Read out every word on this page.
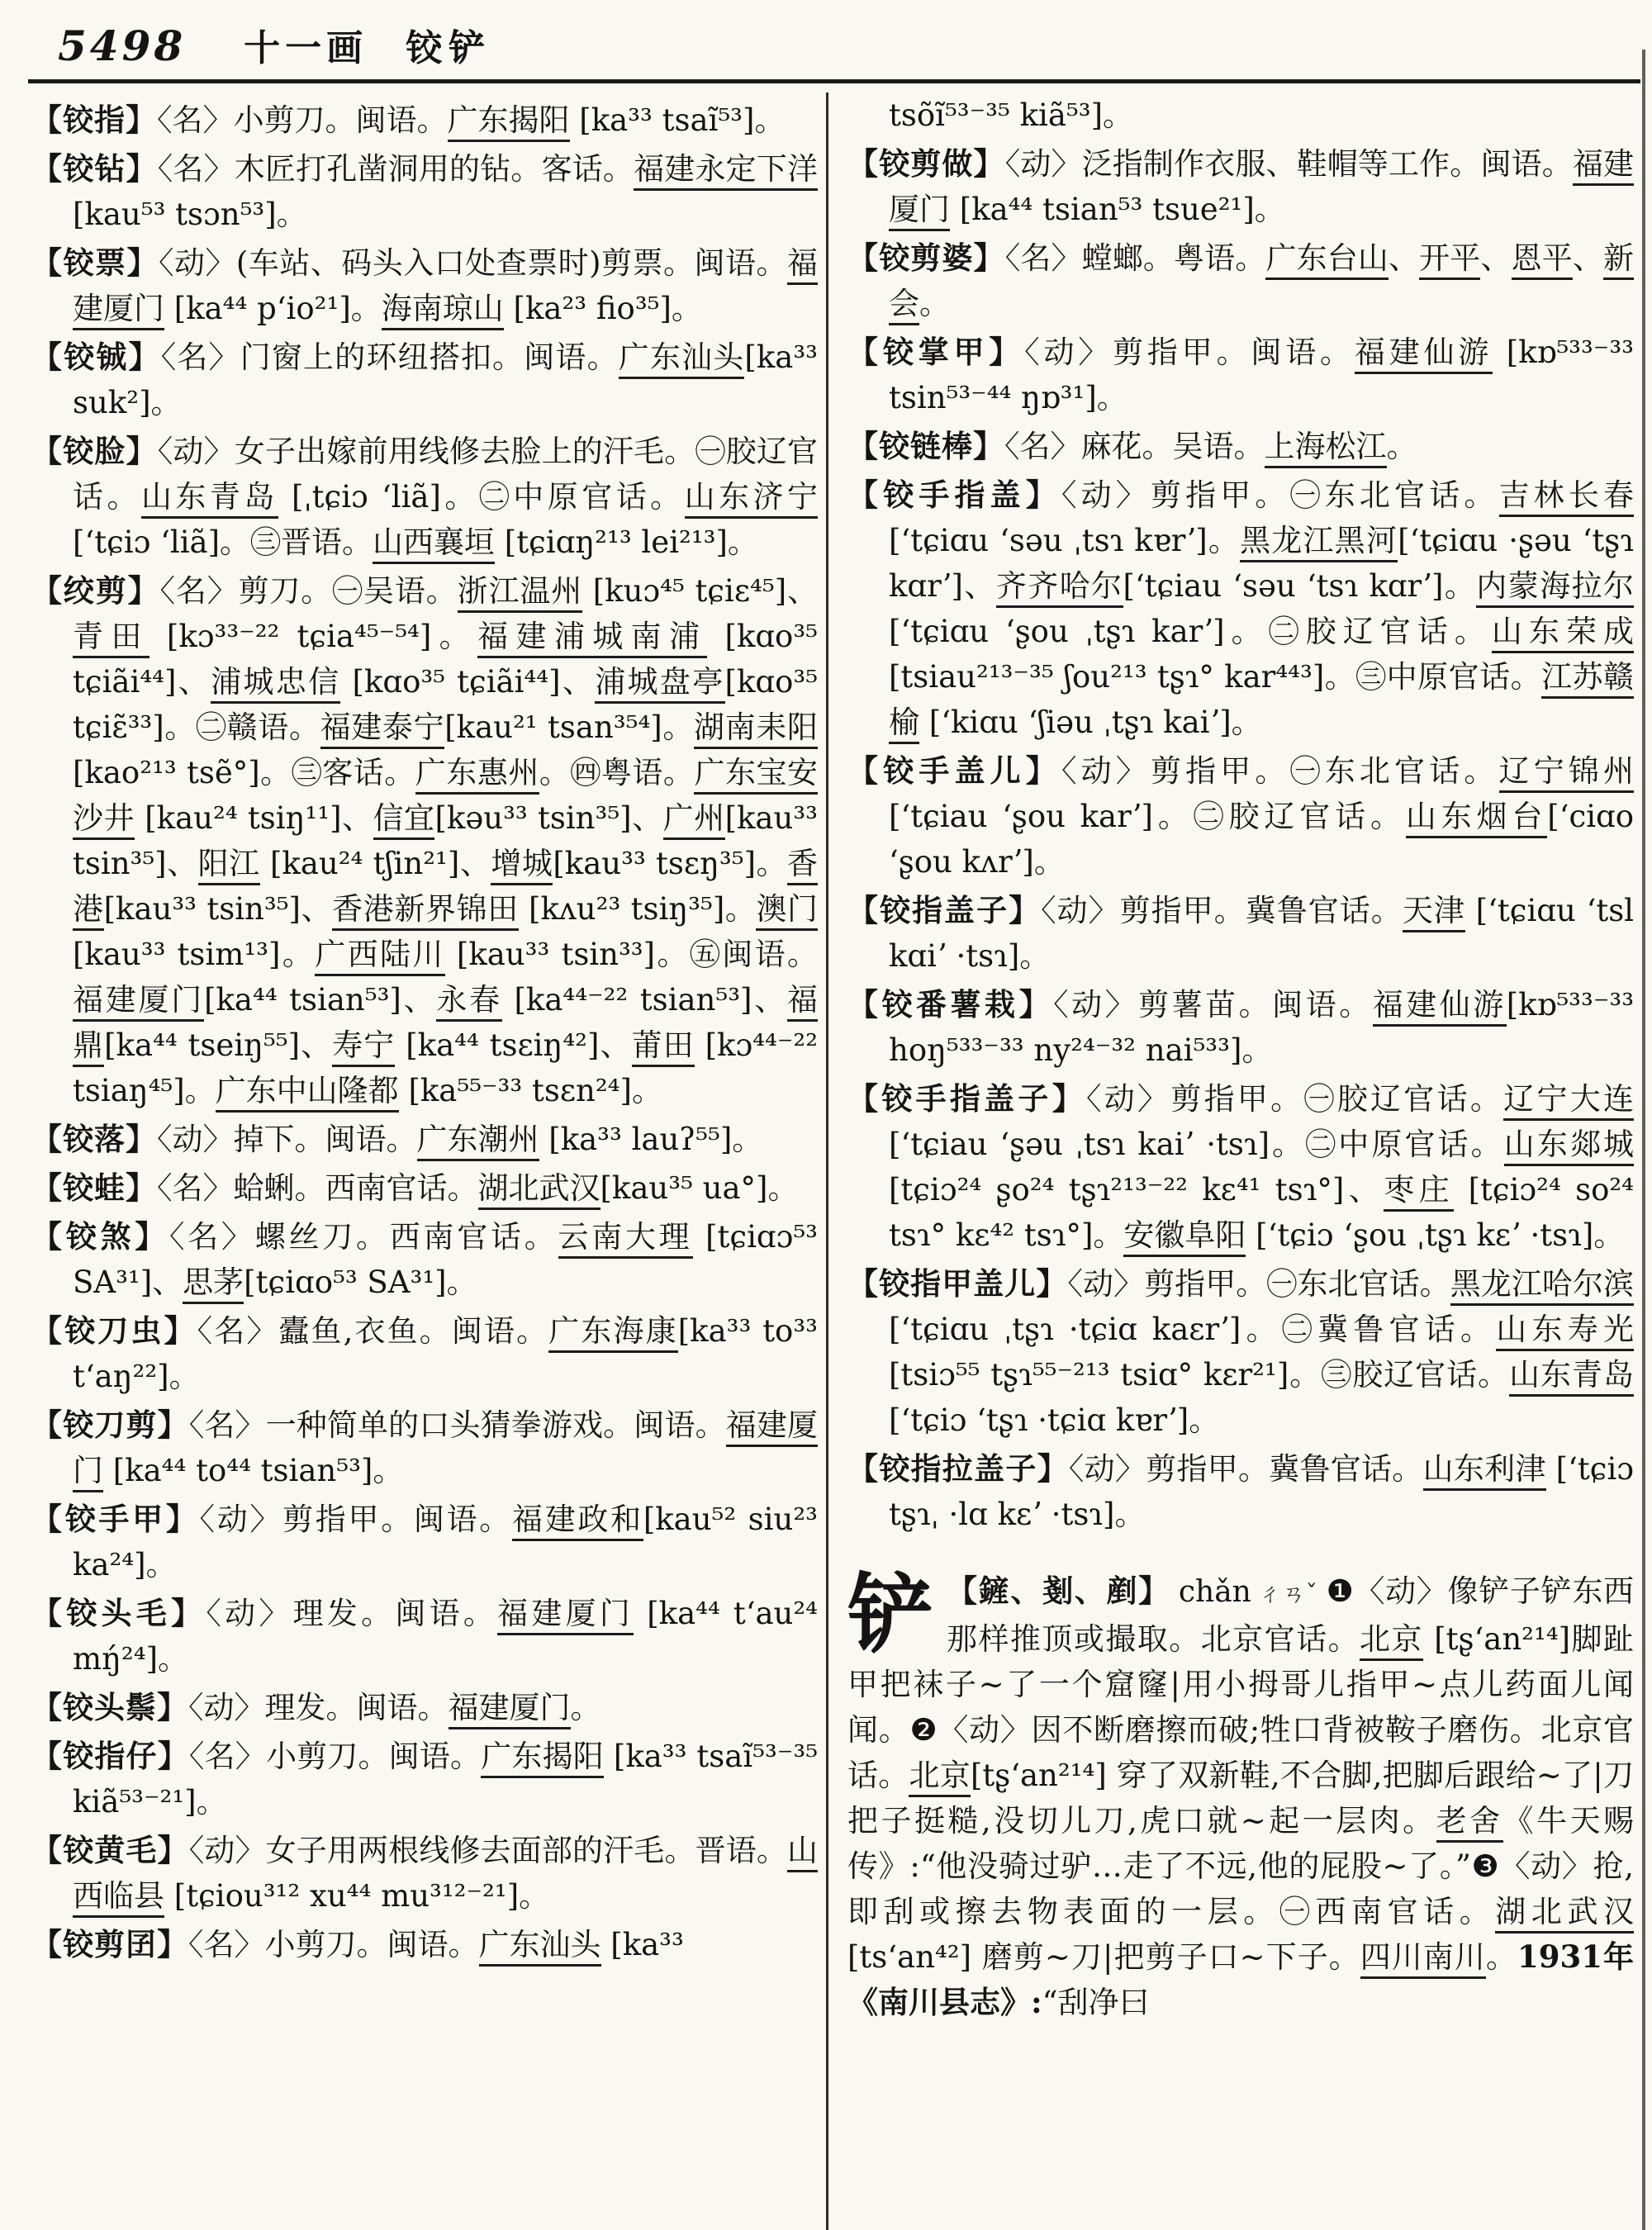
5498 十一画 铰铲
【铰指】〈名〉小剪刀。闽语。广东揭阳 [ka³³ tsaĩ⁵³]。
【铰钻】〈名〉木匠打孔凿洞用的钻。客话。福建永定下洋 [kau⁵³ tsɔn⁵³]。
【铰票】〈动〉(车站、码头入口处查票时)剪票。闽语。福建厦门 [ka⁴⁴ p‘io²¹]。海南琼山 [ka²³ fio³⁵]。
【铰铖】〈名〉门窗上的环纽搭扣。闽语。广东汕头[ka³³ suk²]。
【铰脸】〈动〉女子出嫁前用线修去脸上的汗毛。㊀胶辽官话。山东青岛 [ˌtɕiɔ ʻliã]。㊁中原官话。山东济宁 [ʻtɕiɔ ʻliã]。㊂晋语。山西襄垣 [tɕiɑŋ²¹³ lei²¹³]。
【绞剪】〈名〉剪刀。㊀吴语。浙江温州 [kuɔ⁴⁵ tɕiɛ⁴⁵]、青田 [kɔ³³⁻²² tɕia⁴⁵⁻⁵⁴]。福建浦城南浦 [kɑo³⁵ tɕiãi⁴⁴]、浦城忠信 [kɑo³⁵ tɕiãi⁴⁴]、浦城盘亭[kɑo³⁵ tɕiɛ̃³³]。㊁赣语。福建泰宁[kau²¹ tsan³⁵⁴]。湖南耒阳 [kao²¹³ tsẽ°]。㊂客话。广东惠州。㊃粤语。广东宝安沙井 [kau²⁴ tsiŋ¹¹]、信宜[kəu³³ tsin³⁵]、广州[kau³³ tsin³⁵]、阳江 [kau²⁴ tʃin²¹]、增城[kau³³ tsɛŋ³⁵]。香港[kau³³ tsin³⁵]、香港新界锦田 [kʌu²³ tsiŋ³⁵]。澳门 [kau³³ tsim¹³]。广西陆川 [kau³³ tsin³³]。㊄闽语。福建厦门[ka⁴⁴ tsian⁵³]、永春 [ka⁴⁴⁻²² tsian⁵³]、福鼎[ka⁴⁴ tseiŋ⁵⁵]、寿宁 [ka⁴⁴ tsɛiŋ⁴²]、莆田 [kɔ⁴⁴⁻²² tsiaŋ⁴⁵]。广东中山隆都 [ka⁵⁵⁻³³ tsɛn²⁴]。
【铰落】〈动〉掉下。闽语。广东潮州 [ka³³ lauʔ⁵⁵]。
【铰蛙】〈名〉蛤蜊。西南官话。湖北武汉[kau³⁵ ua°]。
【铰煞】〈名〉螺丝刀。西南官话。云南大理 [tɕiɑɔ⁵³ SA³¹]、思茅[tɕiɑo⁵³ SA³¹]。
【铰刀虫】〈名〉蠹鱼,衣鱼。闽语。广东海康[ka³³ to³³ t‘aŋ²²]。
【铰刀剪】〈名〉一种简单的口头猜拳游戏。闽语。福建厦门 [ka⁴⁴ to⁴⁴ tsian⁵³]。
【铰手甲】〈动〉剪指甲。闽语。福建政和[kau⁵² siu²³ ka²⁴]。
【铰头毛】〈动〉理发。闽语。福建厦门 [ka⁴⁴ t‘au²⁴ mŋ́²⁴]。
【铰头鬃】〈动〉理发。闽语。福建厦门。
【铰指仔】〈名〉小剪刀。闽语。广东揭阳 [ka³³ tsaĩ⁵³⁻³⁵ kiã⁵³⁻²¹]。
【铰黄毛】〈动〉女子用两根线修去面部的汗毛。晋语。山西临县 [tɕiou³¹² xu⁴⁴ mu³¹²⁻²¹]。
【铰剪囝】〈名〉小剪刀。闽语。广东汕头 [ka³³
tsõĩ⁵³⁻³⁵ kiã⁵³]。
【铰剪做】〈动〉泛指制作衣服、鞋帽等工作。闽语。福建厦门 [ka⁴⁴ tsian⁵³ tsue²¹]。
【铰剪婆】〈名〉螳螂。粤语。广东台山、开平、恩平、新会。
【铰掌甲】〈动〉剪指甲。闽语。福建仙游 [kɒ⁵³³⁻³³ tsin⁵³⁻⁴⁴ ŋɒ³¹]。
【铰链棒】〈名〉麻花。吴语。上海松江。
【铰手指盖】〈动〉剪指甲。㊀东北官话。吉林长春 [ʻtɕiɑu ʻsəu ˌtsɿ kɐrʼ]。黑龙江黑河[ʻtɕiɑu ·ʂəu ʻtʂɿ kɑrʼ]、齐齐哈尔[ʻtɕiau ʻsəu ʻtsɿ kɑrʼ]。内蒙海拉尔[ʻtɕiɑu ʻʂou ˌtʂɿ karʼ]。㊁胶辽官话。山东荣成 [tsiau²¹³⁻³⁵ ʃou²¹³ tʂɿ° kar⁴⁴³]。㊂中原官话。江苏赣榆 [ʻkiɑu ʻʃiəu ˌtʂɿ kaiʼ]。
【铰手盖儿】〈动〉剪指甲。㊀东北官话。辽宁锦州 [ʻtɕiau ʻʂou karʼ]。㊁胶辽官话。山东烟台[ʻciɑo ʻʂou kʌrʼ]。
【铰指盖子】〈动〉剪指甲。冀鲁官话。天津 [ʻtɕiɑu ʻtsl kɑiʼ ·tsɿ]。
【铰番薯栽】〈动〉剪薯苗。闽语。福建仙游[kɒ⁵³³⁻³³ hoŋ⁵³³⁻³³ ny²⁴⁻³² nai⁵³³]。
【铰手指盖子】〈动〉剪指甲。㊀胶辽官话。辽宁大连 [ʻtɕiau ʻʂəu ˌtsɿ kaiʼ ·tsɿ]。㊁中原官话。山东郯城[tɕiɔ²⁴ ʂo²⁴ tʂɿ²¹³⁻²² kɛ⁴¹ tsɿ°]、枣庄 [tɕiɔ²⁴ so²⁴ tsɿ° kɛ⁴² tsɿ°]。安徽阜阳 [ʻtɕiɔ ʻʂou ˌtʂɿ kɛʼ ·tsɿ]。
【铰指甲盖儿】〈动〉剪指甲。㊀东北官话。黑龙江哈尔滨 [ʻtɕiɑu ˌtʂɿ ·tɕiɑ kaɛrʼ]。㊁冀鲁官话。山东寿光 [tsiɔ⁵⁵ tʂɿ⁵⁵⁻²¹³ tsiɑ° kɛr²¹]。㊂胶辽官话。山东青岛 [ʻtɕiɔ ʻtʂɿ ·tɕiɑ kɐrʼ]。
【铰指拉盖子】〈动〉剪指甲。冀鲁官话。山东利津 [ʻtɕiɔ tʂɿˌ ·lɑ kɛʼ ·tsɿ]。
铲 【鏟、剗、剷】 chǎn ㄔㄢˇ ❶〈动〉像铲子铲东西那样推顶或撮取。北京官话。北京 [tʂ‘an²¹⁴]脚趾甲把袜子~了一个窟窿|用小拇哥儿指甲~点儿药面儿闻闻。❷〈动〉因不断磨擦而破;牲口背被鞍子磨伤。北京官话。北京[tʂ‘an²¹⁴] 穿了双新鞋,不合脚,把脚后跟给~了|刀把子挺糙,没切儿刀,虎口就~起一层肉。老舍《牛天赐传》:“他没骑过驴…走了不远,他的屁股~了。”❸〈动〉抢,即刮或擦去物表面的一层。㊀西南官话。湖北武汉 [ts‘an⁴²] 磨剪~刀|把剪子口~下子。四川南川。1931年《南川县志》:“刮净曰
